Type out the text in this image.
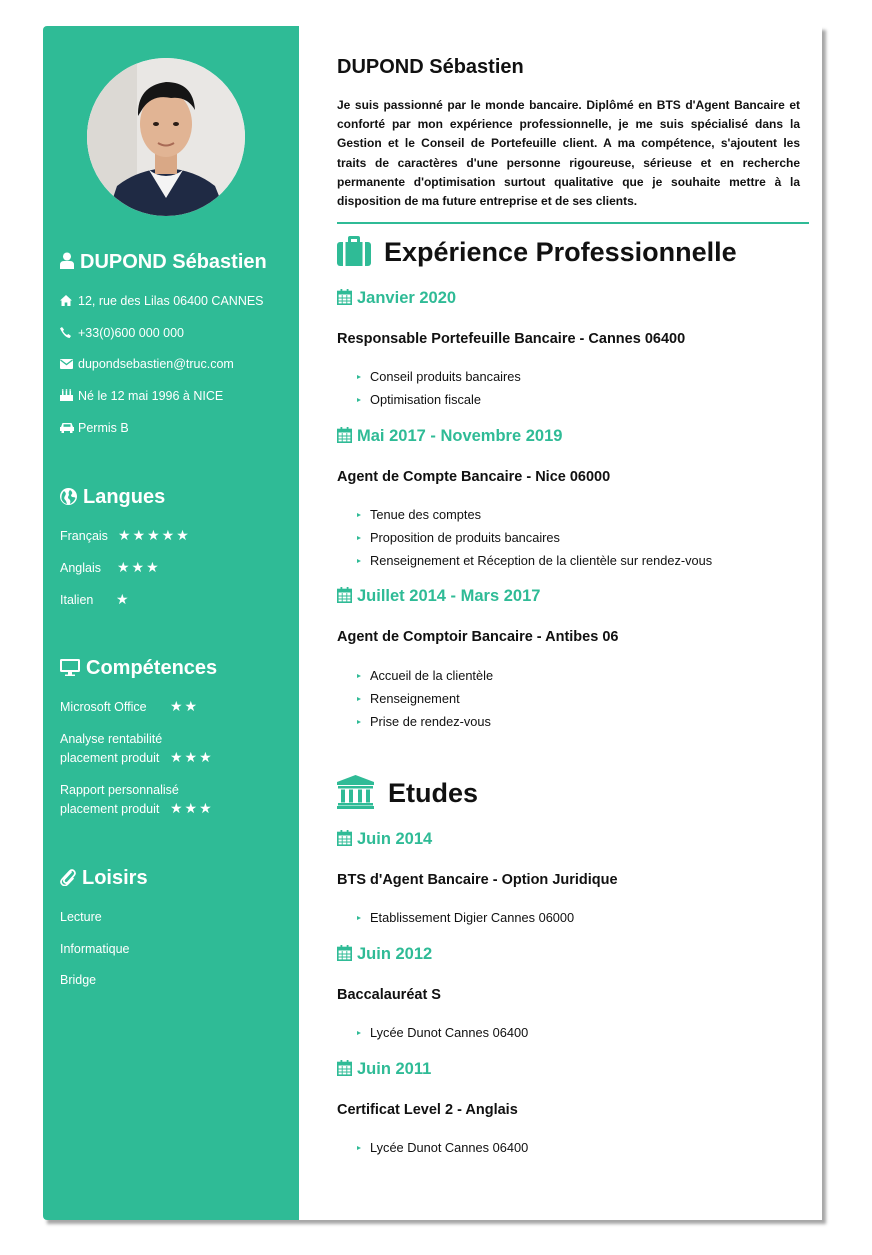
DUPOND Sébastien
12, rue des Lilas 06400 CANNES
+33(0)600 000 000
dupondsebastien@truc.com
Né le 12 mai 1996 à NICE
Permis B
Langues
Français ★★★★★
Anglais ★★★
Italien ★
Compétences
Microsoft Office ★★
Analyse rentabilité
placement produit ★★★
Rapport personnalisé
placement produit ★★★
Loisirs
Lecture
Informatique
Bridge
DUPOND Sébastien
Je suis passionné par le monde bancaire. Diplômé en BTS d'Agent Bancaire et conforté par mon expérience professionnelle, je me suis spécialisé dans la Gestion et le Conseil de Portefeuille client. A ma compétence, s'ajoutent les traits de caractères d'une personne rigoureuse, sérieuse et en recherche permanente d'optimisation surtout qualitative que je souhaite mettre à la disposition de ma future entreprise et de ses clients.
Expérience Professionnelle
Janvier 2020
Responsable Portefeuille Bancaire - Cannes 06400
Conseil produits bancaires
Optimisation fiscale
Mai 2017 - Novembre 2019
Agent de Compte Bancaire - Nice 06000
Tenue des comptes
Proposition de produits bancaires
Renseignement et Réception de la clientèle sur rendez-vous
Juillet 2014 - Mars 2017
Agent de Comptoir Bancaire - Antibes 06
Accueil de la clientèle
Renseignement
Prise de rendez-vous
Etudes
Juin 2014
BTS d'Agent Bancaire - Option Juridique
Etablissement Digier Cannes 06000
Juin 2012
Baccalauréat S
Lycée Dunot Cannes 06400
Juin 2011
Certificat Level 2 - Anglais
Lycée Dunot Cannes 06400
